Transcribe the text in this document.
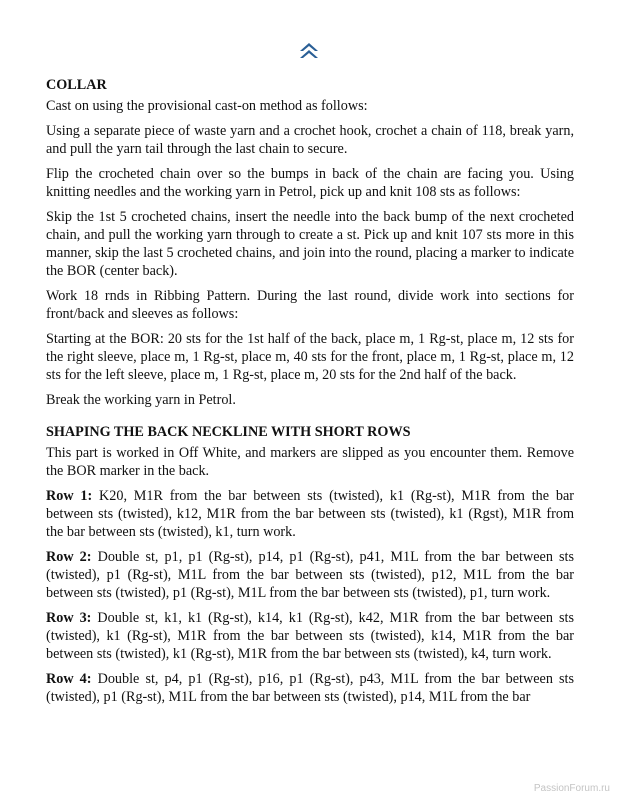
COLLAR

Cast on using the provisional cast-on method as follows:

Using a separate piece of waste yarn and a crochet hook, crochet a chain of 118, break yarn, and pull the yarn tail through the last chain to secure.

Flip the crocheted chain over so the bumps in back of the chain are facing you. Using knitting needles and the working yarn in Petrol, pick up and knit 108 sts as follows:

Skip the 1st 5 crocheted chains, insert the needle into the back bump of the next crocheted chain, and pull the working yarn through to create a st. Pick up and knit 107 sts more in this manner, skip the last 5 crocheted chains, and join into the round, placing a marker to indicate the BOR (center back).

Work 18 rnds in Ribbing Pattern. During the last round, divide work into sections for front/back and sleeves as follows:

Starting at the BOR: 20 sts for the 1st half of the back, place m, 1 Rg-st, place m, 12 sts for the right sleeve, place m, 1 Rg-st, place m, 40 sts for the front, place m, 1 Rg-st, place m, 12 sts for the left sleeve, place m, 1 Rg-st, place m, 20 sts for the 2nd half of the back.

Break the working yarn in Petrol.

SHAPING THE BACK NECKLINE WITH SHORT ROWS

This part is worked in Off White, and markers are slipped as you encounter them. Remove the BOR marker in the back.

Row 1: K20, M1R from the bar between sts (twisted), k1 (Rg-st), M1R from the bar between sts (twisted), k12, M1R from the bar between sts (twisted), k1 (Rgst), M1R from the bar between sts (twisted), k1, turn work.

Row 2: Double st, p1, p1 (Rg-st), p14, p1 (Rg-st), p41, M1L from the bar between sts (twisted), p1 (Rg-st), M1L from the bar between sts (twisted), p12, M1L from the bar between sts (twisted), p1 (Rg-st), M1L from the bar between sts (twisted), p1, turn work.

Row 3: Double st, k1, k1 (Rg-st), k14, k1 (Rg-st), k42, M1R from the bar between sts (twisted), k1 (Rg-st), M1R from the bar between sts (twisted), k14, M1R from the bar between sts (twisted), k1 (Rg-st), M1R from the bar between sts (twisted), k4, turn work.

Row 4: Double st, p4, p1 (Rg-st), p16, p1 (Rg-st), p43, M1L from the bar between sts (twisted), p1 (Rg-st), M1L from the bar between sts (twisted), p14, M1L from the bar

PassionForum.ru
